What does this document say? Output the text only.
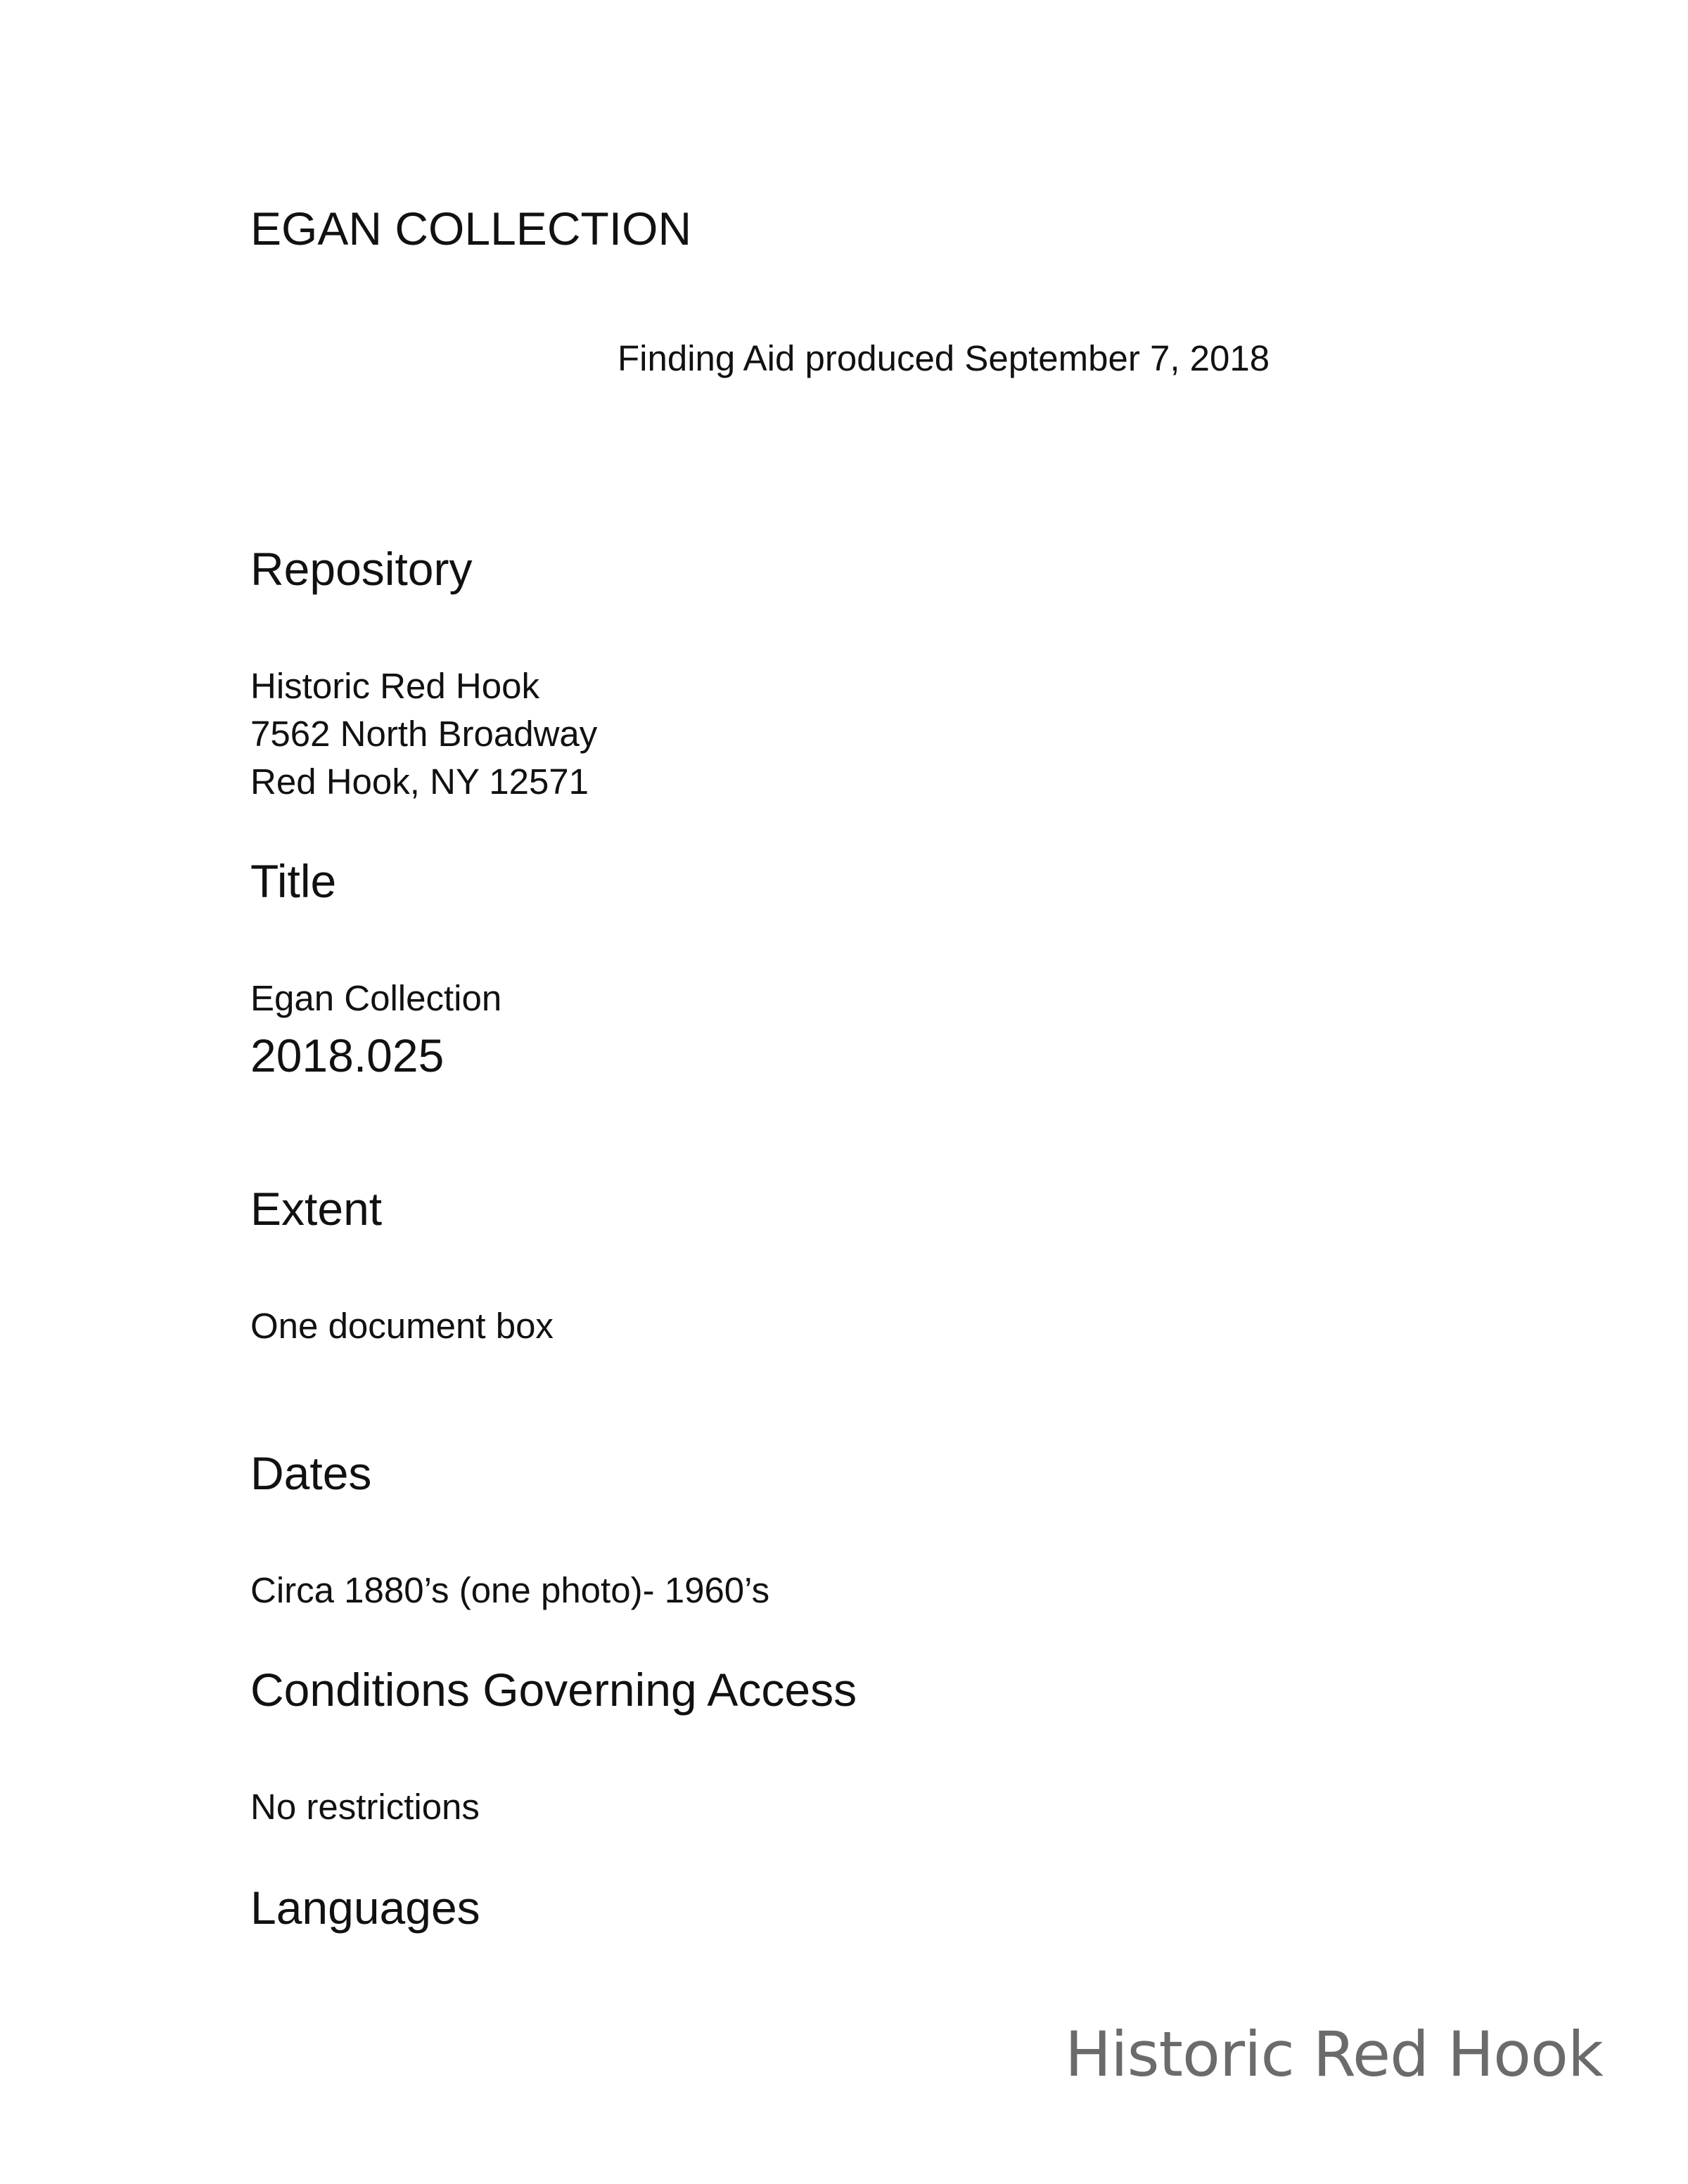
EGAN COLLECTION
Finding Aid produced September 7, 2018
Repository
Historic Red Hook
7562 North Broadway
Red Hook, NY 12571
Title
Egan Collection
2018.025
Extent
One document box
Dates
Circa 1880’s (one photo)- 1960’s
Conditions Governing Access
No restrictions
Languages
Historic Red Hook
